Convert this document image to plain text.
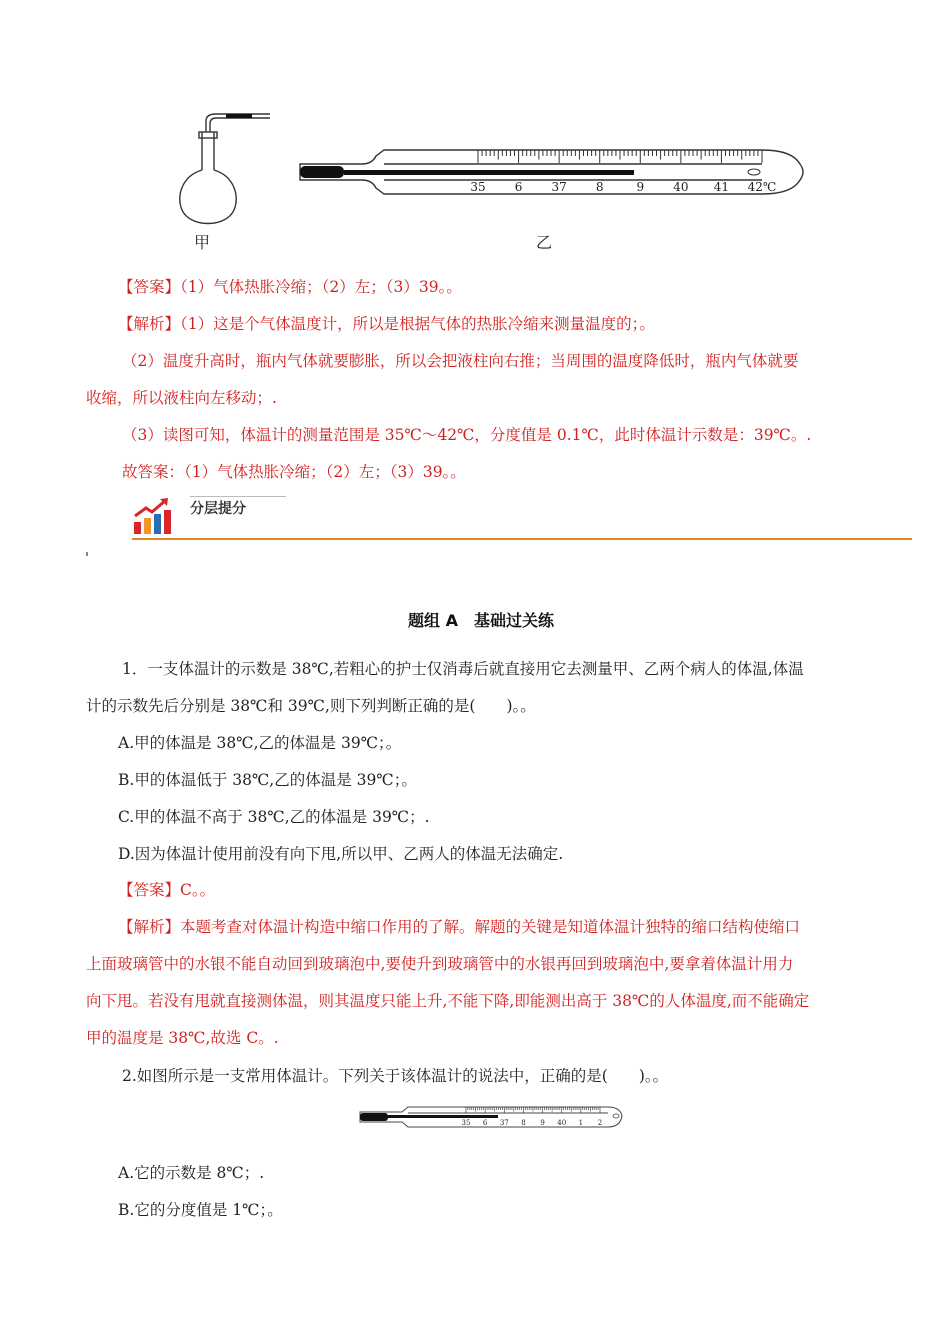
甲
35 6 37 8	9 40 41 42℃
乙
【答案】（1）气体热胀冷缩；（2）左；（3）39。。
【解析】（1）这是个气体温度计，所以是根据气体的热胀冷缩来测量温度的；。
（2）温度升高时，瓶内气体就要膨胀，所以会把液柱向右推；当周围的温度降低时，瓶内气体就要
收缩，所以液柱向左移动；.
（3）读图可知，体温计的测量范围是 35℃～42℃，分度值是 0.1℃，此时体温计示数是：39℃。.
故答案：（1）气体热胀冷缩；（2）左；（3）39。。
分层提分
题组 A　基础过关练
1．一支体温计的示数是 38℃,若粗心的护士仅消毒后就直接用它去测量甲、乙两个病人的体温,体温
计的示数先后分别是 38℃和 39℃,则下列判断正确的是(　　)。。
A.甲的体温是 38℃,乙的体温是 39℃；。
B.甲的体温低于 38℃,乙的体温是 39℃；。
C.甲的体温不高于 38℃,乙的体温是 39℃；.
D.因为体温计使用前没有向下甩,所以甲、乙两人的体温无法确定.
【答案】C。。
【解析】本题考查对体温计构造中缩口作用的了解。解题的关键是知道体温计独特的缩口结构使缩口
上面玻璃管中的水银不能自动回到玻璃泡中,要使升到玻璃管中的水银再回到玻璃泡中,要拿着体温计用力
向下甩。若没有甩就直接测体温，则其温度只能上升,不能下降,即能测出高于 38℃的人体温度,而不能确定
甲的温度是 38℃,故选 C。.
2.如图所示是一支常用体温计。下列关于该体温计的说法中，正确的是(　　)。。
35 6 37 8 9 40 1 2
A.它的示数是 8℃；.
B.它的分度值是 1℃；。
